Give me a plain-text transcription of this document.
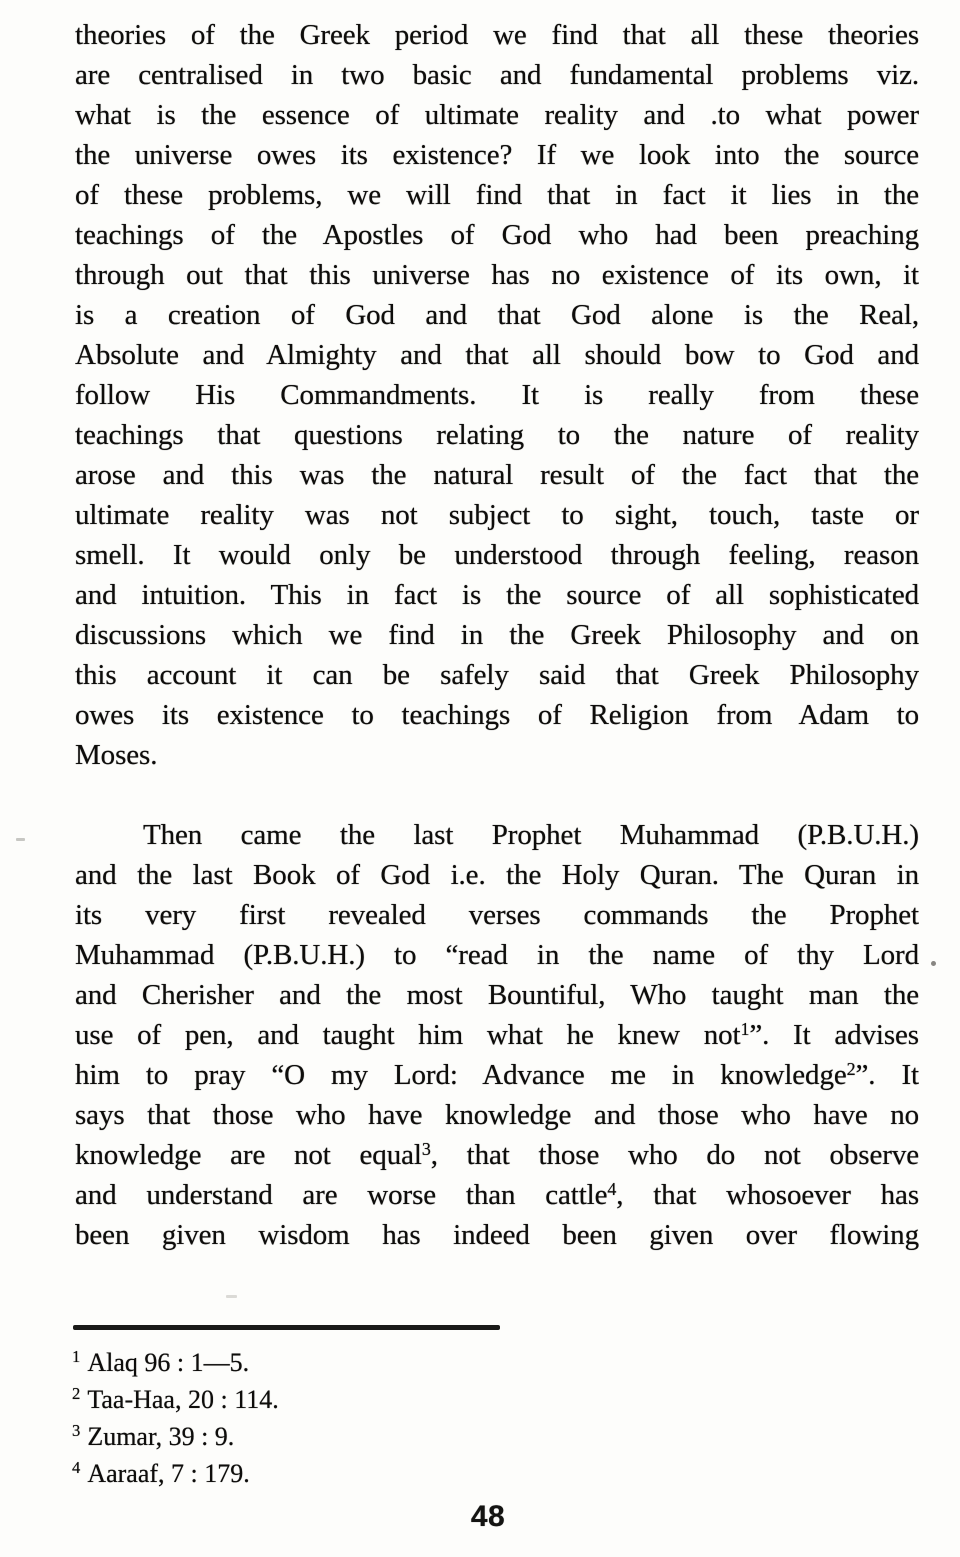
theories of the Greek period we find that all these theories
are centralised in two basic and fundamental problems viz.
what is the essence of ultimate reality and .to what power
the universe owes its existence? If we look into the source
of these problems, we will find that in fact it lies in the
teachings of the Apostles of God who had been preaching
through out that this universe has no existence of its own, it
is a creation of God and that God alone is the Real,
Absolute and Almighty and that all should bow to God and
follow His Commandments. It is really from these
teachings that questions relating to the nature of reality
arose and this was the natural result of the fact that the
ultimate reality was not subject to sight, touch, taste or
smell. It would only be understood through feeling, reason
and intuition. This in fact is the source of all sophisticated
discussions which we find in the Greek Philosophy and on
this account it can be safely said that Greek Philosophy
owes its existence to teachings of Religion from Adam to
Moses.
Then came the last Prophet Muhammad (P.B.U.H.)
and the last Book of God i.e. the Holy Quran. The Quran in
its very first revealed verses commands the Prophet
Muhammad (P.B.U.H.) to “read in the name of thy Lord
and Cherisher and the most Bountiful, Who taught man the
use of pen, and taught him what he knew not$^1$”. It advises
him to pray “O my Lord: Advance me in knowledge$^2$”. It
says that those who have knowledge and those who have no
knowledge are not equal$^3$, that those who do not observe
and understand are worse than cattle$^4$, that whosoever has
been given wisdom has indeed been given over flowing
$^1$ Alaq 96 : 1—5.
$^2$ Taa-Haa, 20 : 114.
$^3$ Zumar, 39 : 9.
$^4$ Aaraaf, 7 : 179.
48
